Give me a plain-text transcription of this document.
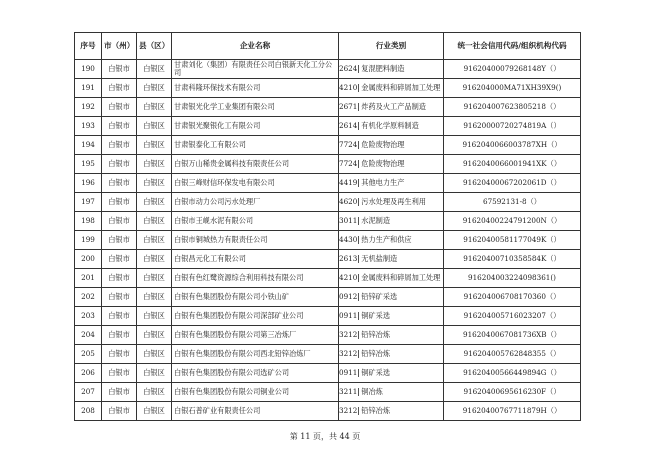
序号	市（州）	县（区）	企业名称	行业类别	统一社会信用代码/组织机构代码
190	白银市	白银区	甘肃刘化（集团）有限责任公司白银新天化工分公司	2624 复混肥料制造	91620400079268148Y（）
191	白银市	白银区	甘肃科隆环保技术有限公司	4210 金属废料和碎屑加工处理	916204000MA71XH39X9()
192	白银市	白银区	甘肃银光化学工业集团有限公司	2671 炸药及火工产品制造	916204007623805218（）
193	白银市	白银区	甘肃银光聚银化工有限公司	2614 有机化学原料制造	91620000720274819A（）
194	白银市	白银区	甘肃银泰化工有限公司	7724 危险废物治理	9162040066003787XH（）
195	白银市	白银区	白银万山稀贵金属科技有限责任公司	7724 危险废物治理	9162040066001941XK（）
196	白银市	白银区	白银三峰财信环保发电有限公司	4419 其他电力生产	91620400067202061D（）
197	白银市	白银区	白银市动力公司污水处理厂	4620 污水处理及再生利用	67592131-8（）
198	白银市	白银区	白银市王岘水泥有限公司	3011 水泥制造	91620400224791200N（）
199	白银市	白银区	白银市铜城热力有限责任公司	4430 热力生产和供应	91620400581177049K（）
200	白银市	白银区	白银昌元化工有限公司	2613 无机盐制造	91620400710358584K（）
201	白银市	白银区	白银有色红鹭资源综合利用科技有限公司	4210 金属废料和碎屑加工处理	916204003224098361()
202	白银市	白银区	白银有色集团股份有限公司小铁山矿	0912 铅锌矿采选	916204006708170360（）
203	白银市	白银区	白银有色集团股份有限公司深部矿业公司	0911 铜矿采选	916204005716023207（）
204	白银市	白银区	白银有色集团股份有限公司第三冶炼厂	3212 铅锌冶炼	9162040067081736XB（）
205	白银市	白银区	白银有色集团股份有限公司西北铅锌冶炼厂	3212 铅锌冶炼	916204005762848355（）
206	白银市	白银区	白银有色集团股份有限公司选矿公司	0911 铜矿采选	91620400566449894G（）
207	白银市	白银区	白银有色集团股份有限公司铜业公司	3211 铜冶炼	91620400695616230F（）
208	白银市	白银区	白银石普矿业有限责任公司	3212 铅锌冶炼	91620400767711879H（）
第 11 页，共 44 页
